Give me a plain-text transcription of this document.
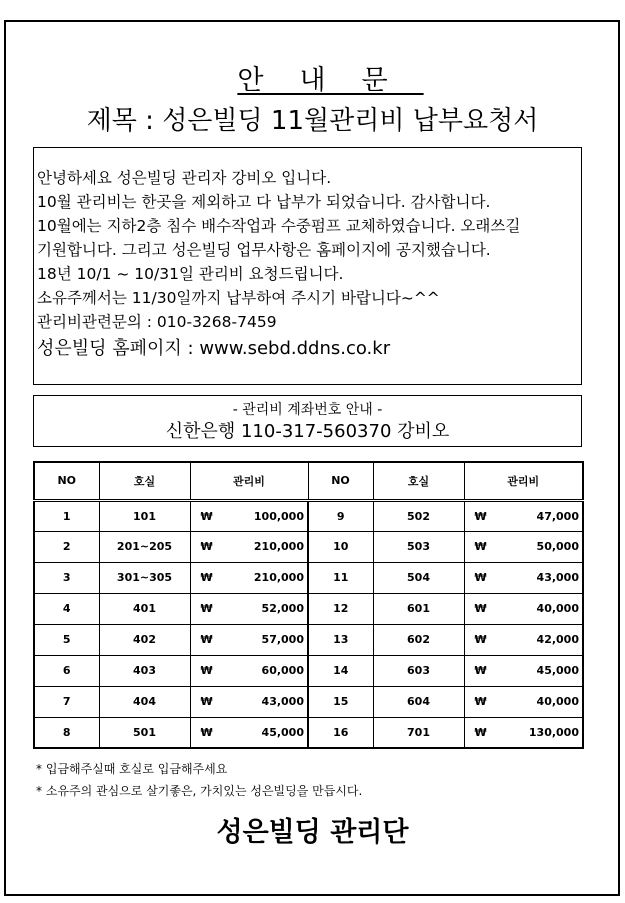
안내문
제목 : 성은빌딩 11월관리비 납부요청서
안녕하세요 성은빌딩 관리자 강비오 입니다.
10월 관리비는 한곳을 제외하고 다 납부가 되었습니다. 감사합니다.
10월에는 지하2층 침수 배수작업과 수중펌프 교체하였습니다. 오래쓰길
기원합니다. 그리고 성은빌딩 업무사항은 홈페이지에 공지했습니다.
18년 10/1 ~ 10/31일 관리비 요청드립니다.
소유주께서는 11/30일까지 납부하여 주시기 바랍니다~^^
관리비관련문의 : 010-3268-7459
성은빌딩 홈페이지 : www.sebd.ddns.co.kr
- 관리비 계좌번호 안내 -
신한은행 110-317-560370 강비오
NO	호실	관리비	NO	호실	관리비
1	101	₩ 100,000	9	502	₩ 47,000

2	201~205	₩ 210,000	10	503	₩ 50,000

3	301~305	₩ 210,000	11	504	₩ 43,000

4	401	₩ 52,000	12	601	₩ 40,000

5	402	₩ 57,000	13	602	₩ 42,000

6	403	₩ 60,000	14	603	₩ 45,000

7	404	₩ 43,000	15	604	₩ 40,000

8	501	₩ 45,000	16	701	₩ 130,000
* 입금해주실때 호실로 입금해주세요
* 소유주의 관심으로 살기좋은, 가치있는 성은빌딩을 만듭시다.
성은빌딩 관리단
